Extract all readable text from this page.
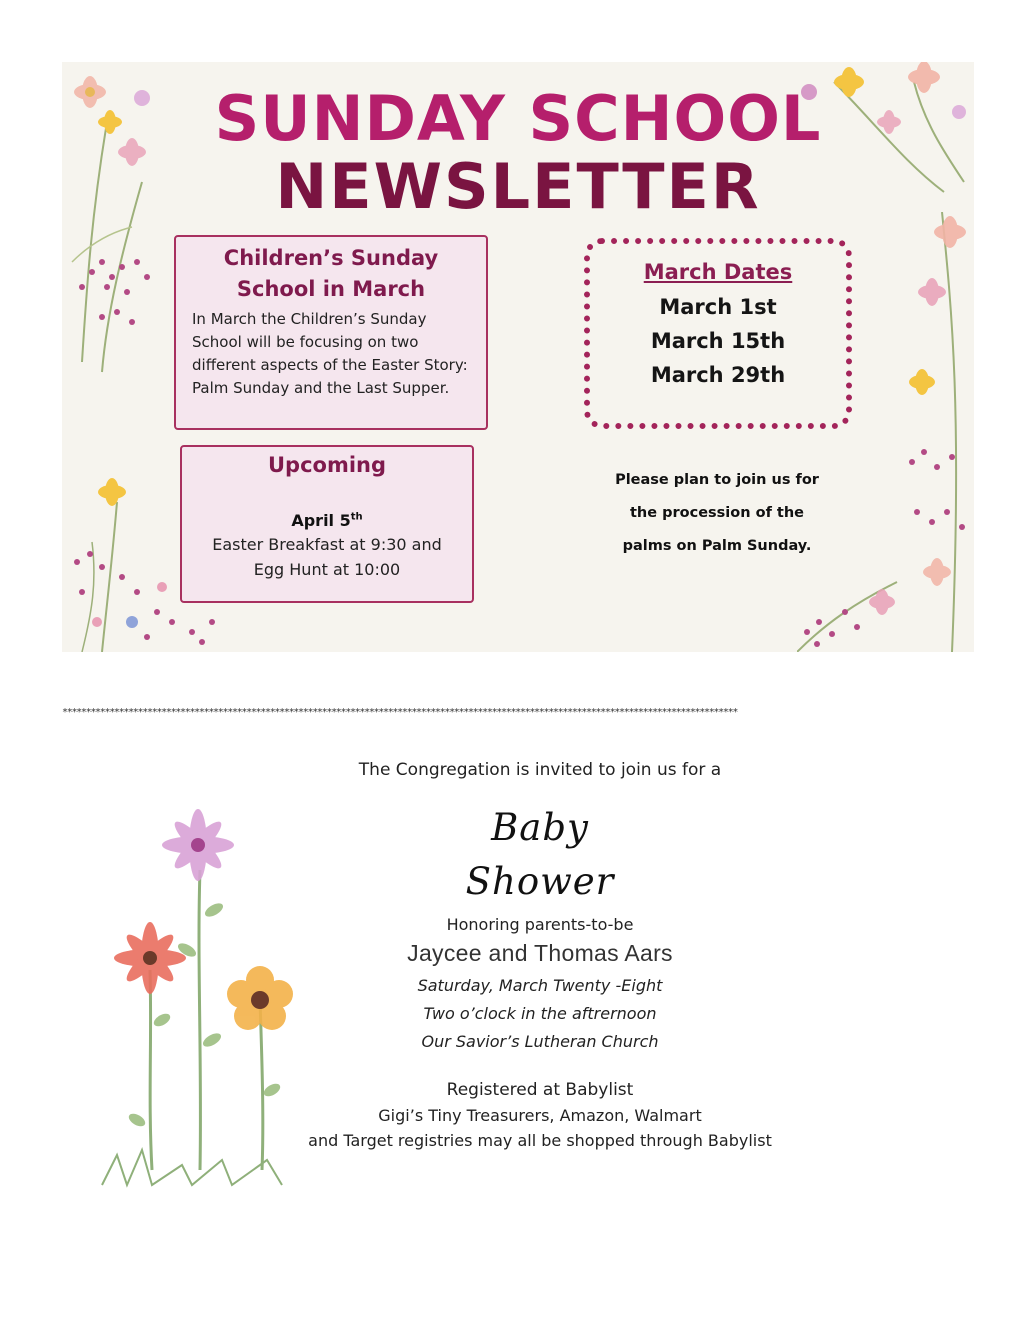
SUNDAY SCHOOL
NEWSLETTER
Children’s Sunday
School in March

In March the Children’s Sunday School will be focusing on two different aspects of the Easter Story: Palm Sunday and the Last Supper.

Upcoming
April 5th
Easter Breakfast at 9:30 and
Egg Hunt at 10:00
March Dates
March 1st
March 15th
March 29th
Please plan to join us for
the procession of the
palms on Palm Sunday.
***********************************************************************************************************************************************

The Congregation is invited to join us for a

Baby

Shower

Honoring parents-to-be

Jaycee and Thomas Aars

Saturday, March Twenty -Eight

Two o’clock in the aftrernoon

Our Savior’s Lutheran Church

Registered at Babylist

Gigi’s Tiny Treasurers, Amazon, Walmart

and Target registries may all be shopped through Babylist
